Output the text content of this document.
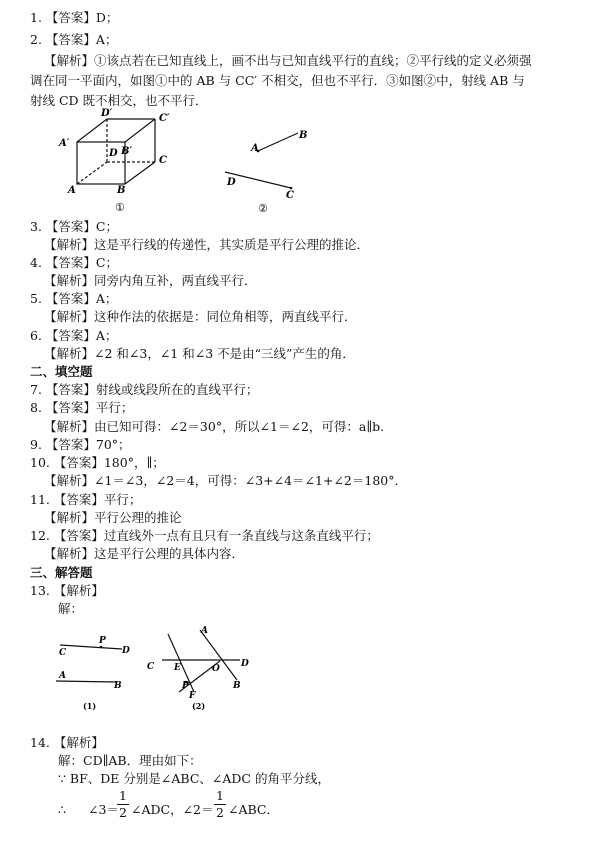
1. 【答案】D；
2. 【答案】A；
【解析】①该点若在已知直线上，画不出与已知直线平行的直线；②平行线的定义必须强
调在同一平面内，如图①中的 AB 与 CC′ 不相交，但也不平行．③如图②中，射线 AB 与
射线 CD 既不相交，也不平行．
D′	C′
A′
D B′
C
A	B
①
A
B
D
C
②
3. 【答案】C；
【解析】这是平行线的传递性，其实质是平行公理的推论．
4. 【答案】C；
【解析】同旁内角互补，两直线平行．
5. 【答案】A；
【解析】这种作法的依据是：同位角相等，两直线平行．
6. 【答案】A；
【解析】∠2 和∠3，∠1 和∠3 不是由“三线”产生的角．
二、填空题
7. 【答案】射线或线段所在的直线平行；
8. 【答案】平行；
【解析】由已知可得：∠2＝30°，所以∠1＝∠2，可得：a∥b.
9. 【答案】70°；
10. 【答案】180°，∥；
【解析】∠1＝∠3，∠2＝4，可得：∠3+∠4＝∠1+∠2＝180°．
11. 【答案】平行；
【解析】平行公理的推论
12. 【答案】过直线外一点有且只有一条直线与这条直线平行；
【解析】这是平行公理的具体内容．
三、解答题
13. 【解析】
解：
P
C	D
A
B
(1)
A
C E	O D
P
F
B
(2)
14. 【解析】
解：CD∥AB．理由如下：
∵ BF、DE 分别是∠ABC、∠ADC 的角平分线，
∴ ∠3＝
1
2 ∠ADC，∠2＝
1
2 ∠ABC．
